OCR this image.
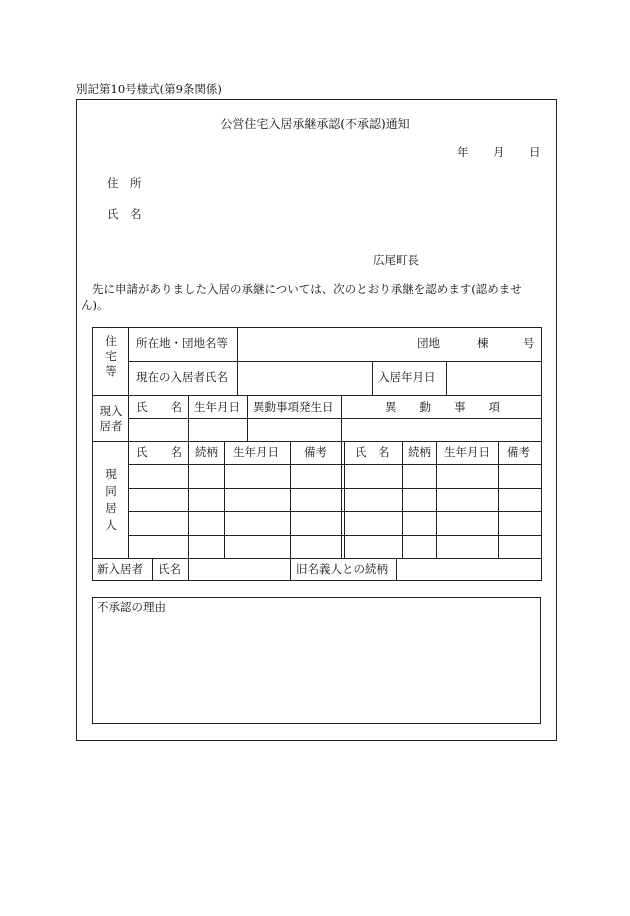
別記第10号様式(第9条関係)
公営住宅入居承継承認(不承認)通知
年 月 日
住　所
氏　名
広尾町長
先に申請がありました入居の承継については、次のとおり承継を認めます(認めませ
ん)。
住
宅
等
所在地・団地名等	団地	棟	号
現在の入居者氏名	入居年月日
現入
居者
氏　　名 生年月日 異動事項発生日	異　　動　　事　　項
現
同
居
人
氏　　名 続柄 生年月日 備考 氏　名 続柄 生年月日 備考
新入居者 氏名	旧名義人との続柄
不承認の理由
